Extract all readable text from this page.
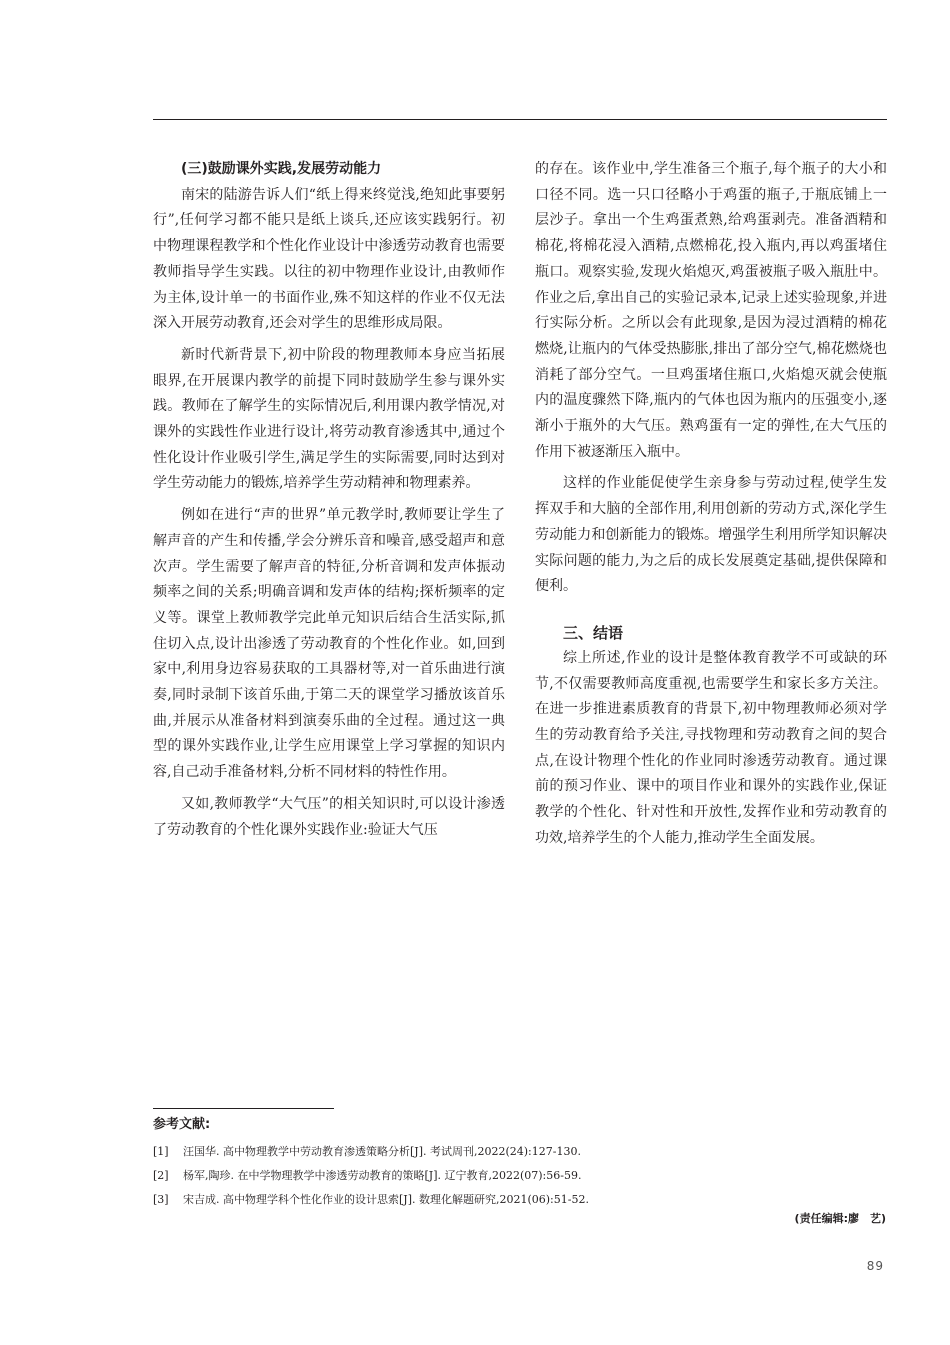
(三)鼓励课外实践,发展劳动能力

南宋的陆游告诉人们“纸上得来终觉浅,绝知此事要躬行”,任何学习都不能只是纸上谈兵,还应该实践躬行。初中物理课程教学和个性化作业设计中渗透劳动教育也需要教师指导学生实践。以往的初中物理作业设计,由教师作为主体,设计单一的书面作业,殊不知这样的作业不仅无法深入开展劳动教育,还会对学生的思维形成局限。

新时代新背景下,初中阶段的物理教师本身应当拓展眼界,在开展课内教学的前提下同时鼓励学生参与课外实践。教师在了解学生的实际情况后,利用课内教学情况,对课外的实践性作业进行设计,将劳动教育渗透其中,通过个性化设计作业吸引学生,满足学生的实际需要,同时达到对学生劳动能力的锻炼,培养学生劳动精神和物理素养。

例如在进行“声的世界”单元教学时,教师要让学生了解声音的产生和传播,学会分辨乐音和噪音,感受超声和意次声。学生需要了解声音的特征,分析音调和发声体振动频率之间的关系;明确音调和发声体的结构;探析频率的定义等。课堂上教师教学完此单元知识后结合生活实际,抓住切入点,设计出渗透了劳动教育的个性化作业。如,回到家中,利用身边容易获取的工具器材等,对一首乐曲进行演奏,同时录制下该首乐曲,于第二天的课堂学习播放该首乐曲,并展示从准备材料到演奏乐曲的全过程。通过这一典型的课外实践作业,让学生应用课堂上学习掌握的知识内容,自己动手准备材料,分析不同材料的特性作用。

又如,教师教学“大气压”的相关知识时,可以设计渗透了劳动教育的个性化课外实践作业:验证大气压

的存在。该作业中,学生准备三个瓶子,每个瓶子的大小和口径不同。选一只口径略小于鸡蛋的瓶子,于瓶底铺上一层沙子。拿出一个生鸡蛋煮熟,给鸡蛋剥壳。准备酒精和棉花,将棉花浸入酒精,点燃棉花,投入瓶内,再以鸡蛋堵住瓶口。观察实验,发现火焰熄灭,鸡蛋被瓶子吸入瓶肚中。作业之后,拿出自己的实验记录本,记录上述实验现象,并进行实际分析。之所以会有此现象,是因为浸过酒精的棉花燃烧,让瓶内的气体受热膨胀,排出了部分空气,棉花燃烧也消耗了部分空气。一旦鸡蛋堵住瓶口,火焰熄灭就会使瓶内的温度骤然下降,瓶内的气体也因为瓶内的压强变小,逐渐小于瓶外的大气压。熟鸡蛋有一定的弹性,在大气压的作用下被逐渐压入瓶中。

这样的作业能促使学生亲身参与劳动过程,使学生发挥双手和大脑的全部作用,利用创新的劳动方式,深化学生劳动能力和创新能力的锻炼。增强学生利用所学知识解决实际问题的能力,为之后的成长发展奠定基础,提供保障和便利。

三、结语

综上所述,作业的设计是整体教育教学不可或缺的环节,不仅需要教师高度重视,也需要学生和家长多方关注。在进一步推进素质教育的背景下,初中物理教师必须对学生的劳动教育给予关注,寻找物理和劳动教育之间的契合点,在设计物理个性化的作业同时渗透劳动教育。通过课前的预习作业、课中的项目作业和课外的实践作业,保证教学的个性化、针对性和开放性,发挥作业和劳动教育的功效,培养学生的个人能力,推动学生全面发展。

参考文献:
[1]	汪国华. 高中物理教学中劳动教育渗透策略分析[J]. 考试周刊,2022(24):127-130.
[2]	杨军,陶珍. 在中学物理教学中渗透劳动教育的策略[J]. 辽宁教育,2022(07):56-59.
[3]	宋吉成. 高中物理学科个性化作业的设计思索[J]. 数理化解题研究,2021(06):51-52.
(责任编辑:廖　艺)
89
